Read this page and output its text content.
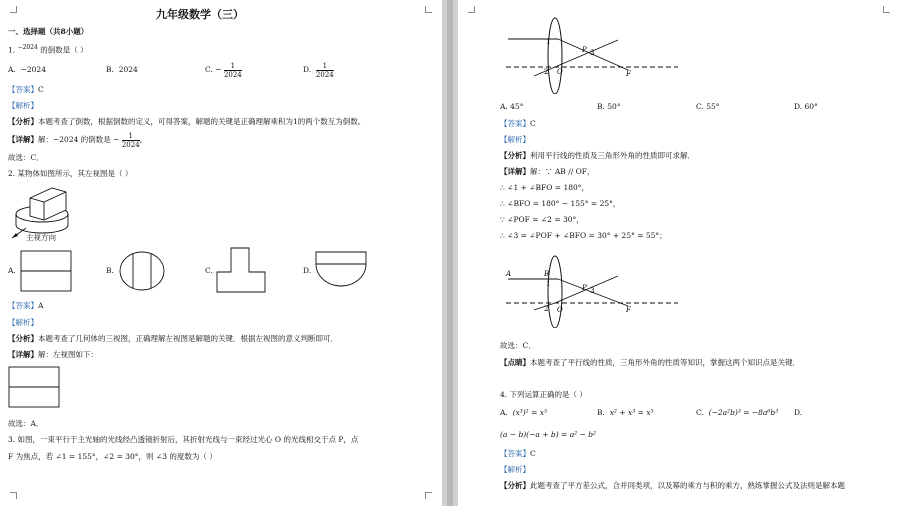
九年级数学（三）
一、选择题（共8小题）
1. $^{-2024}$ 的倒数是（ ）
A. −2024	B. 2024	C. − $\frac{1}{2024}$	D. $\frac{1}{2024}$
【答案】C
【解析】
【分析】本题考查了倒数，根据倒数的定义，可得答案，解题的关键是正确理解乘积为1的两个数互为倒数。
【详解】解：−2024 的倒数是 − $\frac{1}{2024}$ ，
故选：C．
2. 某物体如图所示，其左视图是（ ）
主视方向
A.	B.	C.	D.
【答案】A
【解析】
【分析】本题考查了几何体的三视图，正确理解左视图是解题的关键．根据左视图的意义判断即可．
【详解】解：左视图如下：
故选：A．
3. 如图，一束平行于主光轴的光线经凸透镜折射后，其折射光线与一束经过光心 O 的光线相交于点 P，点
F 为焦点，若 ∠1 = 155°，∠2 = 30°，则 ∠3 的度数为（ ）
1
P 3
2 O	F
A. 45°	B. 50°	C. 55°	D. 60°
【答案】C
【解析】
【分析】利用平行线的性质及三角形外角的性质即可求解．
【详解】解：∵ AB // OF，
∴ ∠1 + ∠BFO = 180°，
∴ ∠BFO = 180° − 155° = 25°，
∵ ∠POF = ∠2 = 30°，
∴ ∠3 = ∠POF + ∠BFO = 30° + 25° = 55°；
A	B
1	P 3
2 O	F
故选：C．
【点睛】本题考查了平行线的性质，三角形外角的性质等知识，掌握这两个知识点是关键．
4. 下列运算正确的是（ ）
A. (x³)² = x⁵	B. x² + x³ = x⁵	C. (−2a²b)³ = −8a⁶b³ D.
(a − b)(−a + b) = a² − b²
【答案】C
【解析】
【分析】此题考查了平方差公式，合并同类项，以及幂的乘方与积的乘方，熟练掌握公式及法则是解本题
